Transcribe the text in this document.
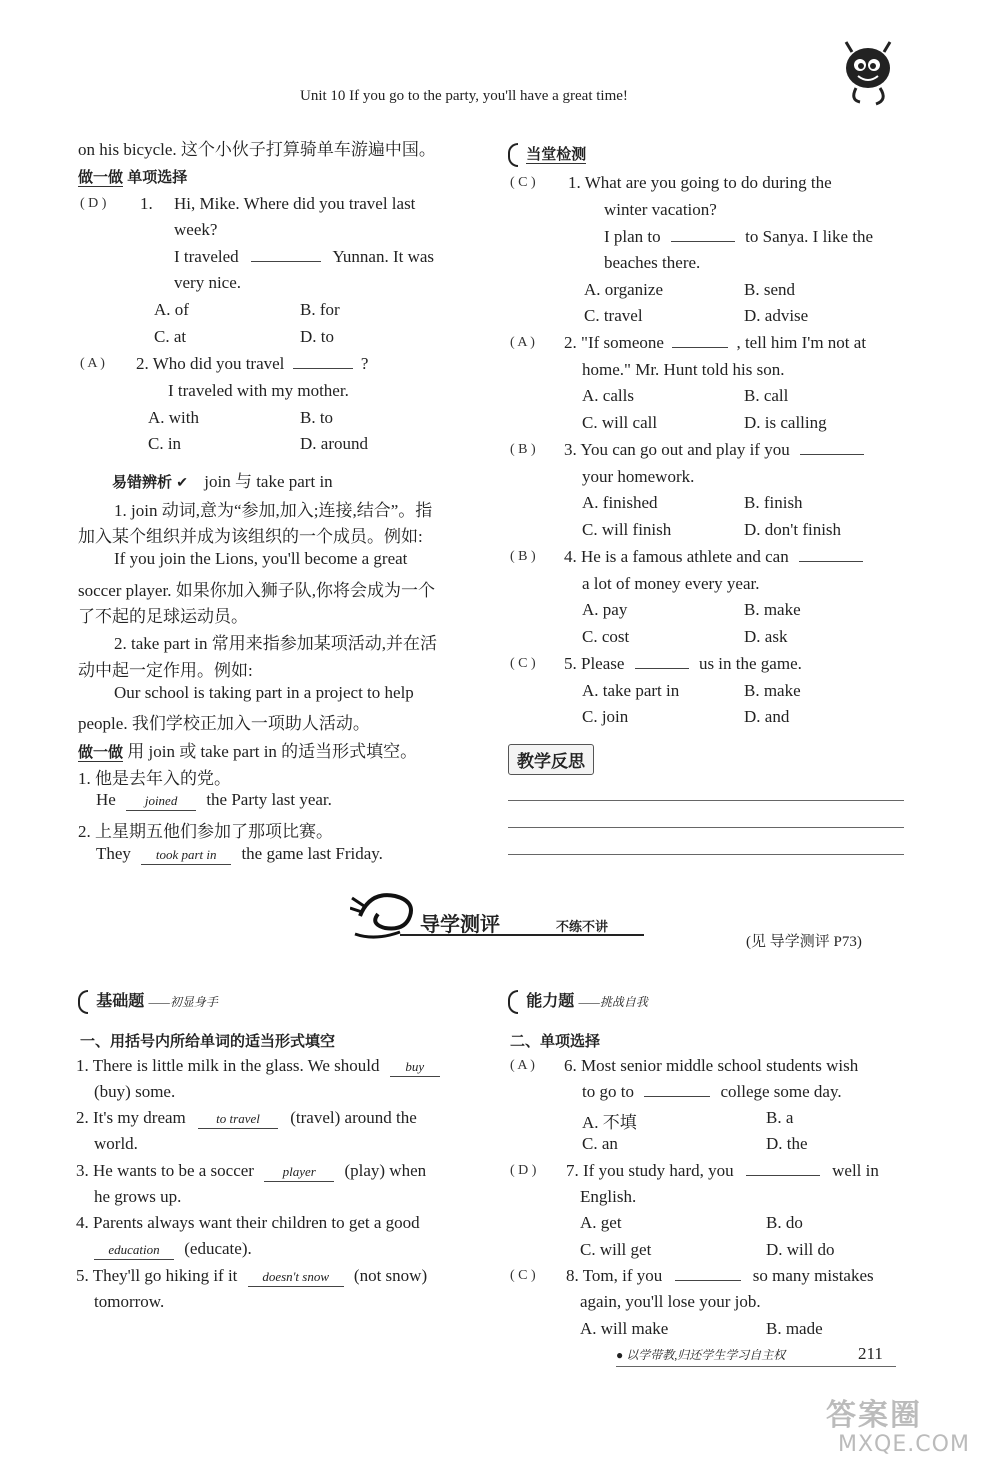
Unit 10 If you go to the party, you'll have a great time!
on his bicycle. 这个小伙子打算骑单车游遍中国。
做一做 单项选择
( D ) 1. Hi, Mike. Where did you travel last
week?
I traveled	Yunnan. It was
very nice.
A. of	B. for
C. at	D. to
( A ) 2. Who did you travel	?
I traveled with my mother.
A. with	B. to
C. in	D. around
易错辨析 ✔ join 与 take part in
1. join 动词,意为“参加,加入;连接,结合”。指
加入某个组织并成为该组织的一个成员。例如:
If you join the Lions, you'll become a great
soccer player. 如果你加入狮子队,你将会成为一个
了不起的足球运动员。
2. take part in 常用来指参加某项活动,并在活
动中起一定作用。例如:
Our school is taking part in a project to help
people. 我们学校正加入一项助人活动。
做一做 用 join 或 take part in 的适当形式填空。
1. 他是去年入的党。
He joined the Party last year.
2. 上星期五他们参加了那项比赛。
They took part in the game last Friday.
当堂检测
( C ) 1. What are you going to do during the
winter vacation?
I plan to	to Sanya. I like the
beaches there.
A. organize	B. send
C. travel	D. advise
( A ) 2. "If someone	, tell him I'm not at
home." Mr. Hunt told his son.
A. calls	B. call
C. will call	D. is calling
( B ) 3. You can go out and play if you
your homework.
A. finished	B. finish
C. will finish	D. don't finish
( B ) 4. He is a famous athlete and can
a lot of money every year.
A. pay	B. make
C. cost	D. ask
( C ) 5. Please	us in the game.
A. take part in	B. make
C. join	D. and
教学反思
导学测评	不练不讲
(见 导学测评 P73)
基础题 ——初显身手
一、用括号内所给单词的适当形式填空
1. There is little milk in the glass. We should buy
(buy) some.
2. It's my dream to travel (travel) around the
world.
3. He wants to be a soccer player (play) when
he grows up.
4. Parents always want their children to get a good
education (educate).
5. They'll go hiking if it doesn't snow (not snow)
tomorrow.
能力题 ——挑战自我
二、单项选择
( A ) 6. Most senior middle school students wish
to go to	college some day.
A. 不填	B. a
C. an	D. the
( D ) 7. If you study hard, you	well in
English.
A. get	B. do
C. will get	D. will do
( C ) 8. Tom, if you	so many mistakes
again, you'll lose your job.
A. will make	B. made
● 以学带教,归还学生学习自主权	211
答案圈
MXQE.COM
